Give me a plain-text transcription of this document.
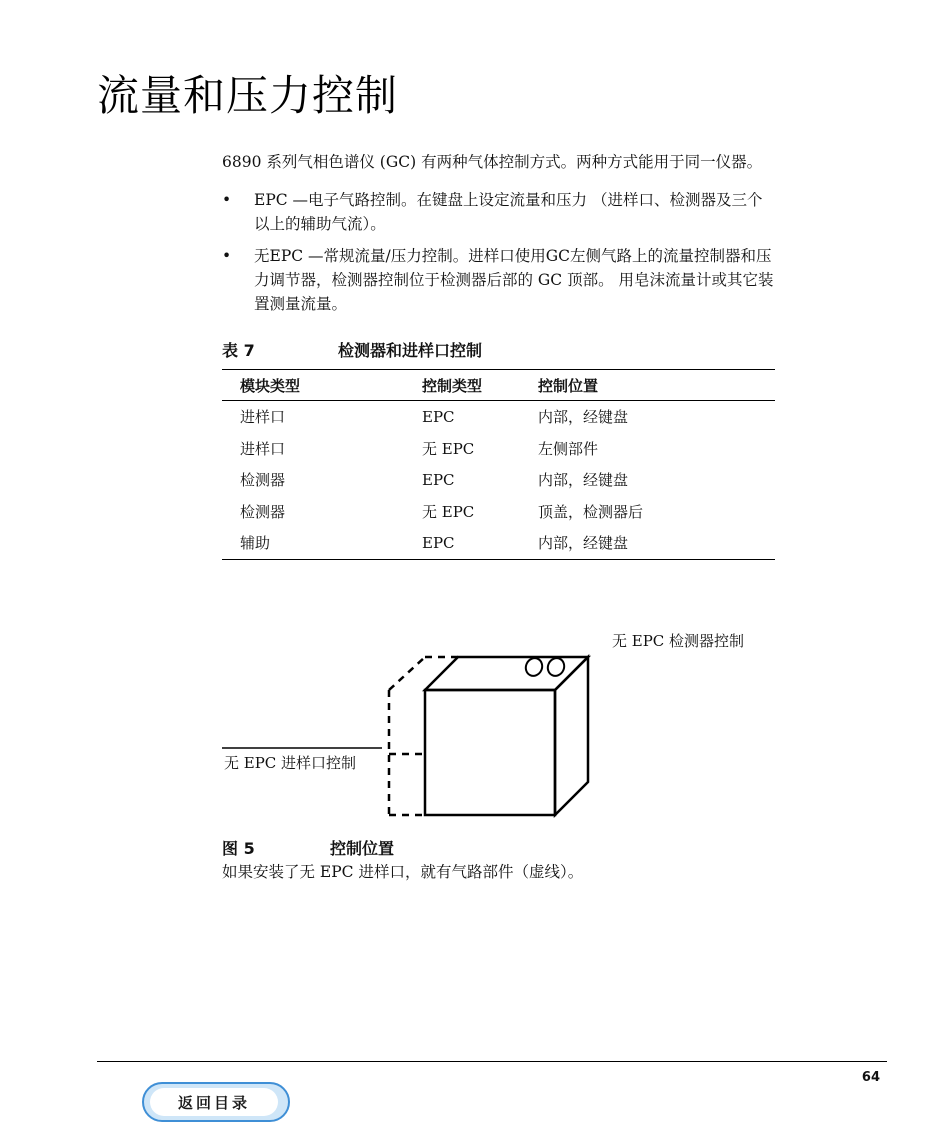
流量和压力控制
6890 系列气相色谱仪 (GC) 有两种气体控制方式。两种方式能用于同一仪器。
• EPC —电子气路控制。在键盘上设定流量和压力 （进样口、检测器及三个
以上的辅助气流）。
• 无EPC —常规流量/压力控制。进样口使用GC左侧气路上的流量控制器和压
力调节器，检测器控制位于检测器后部的 GC 顶部。 用皂沫流量计或其它装
置测量流量。
表 7	检测器和进样口控制
模块类型	控制类型	控制位置
进样口	EPC	内部，经键盘
进样口	无 EPC	左侧部件
检测器	EPC	内部，经键盘
检测器	无 EPC	顶盖，检测器后
辅助	EPC	内部，经键盘
无 EPC 检测器控制
无 EPC 进样口控制
图 5	控制位置
如果安装了无 EPC 进样口，就有气路部件（虚线）。
64
返回目录
